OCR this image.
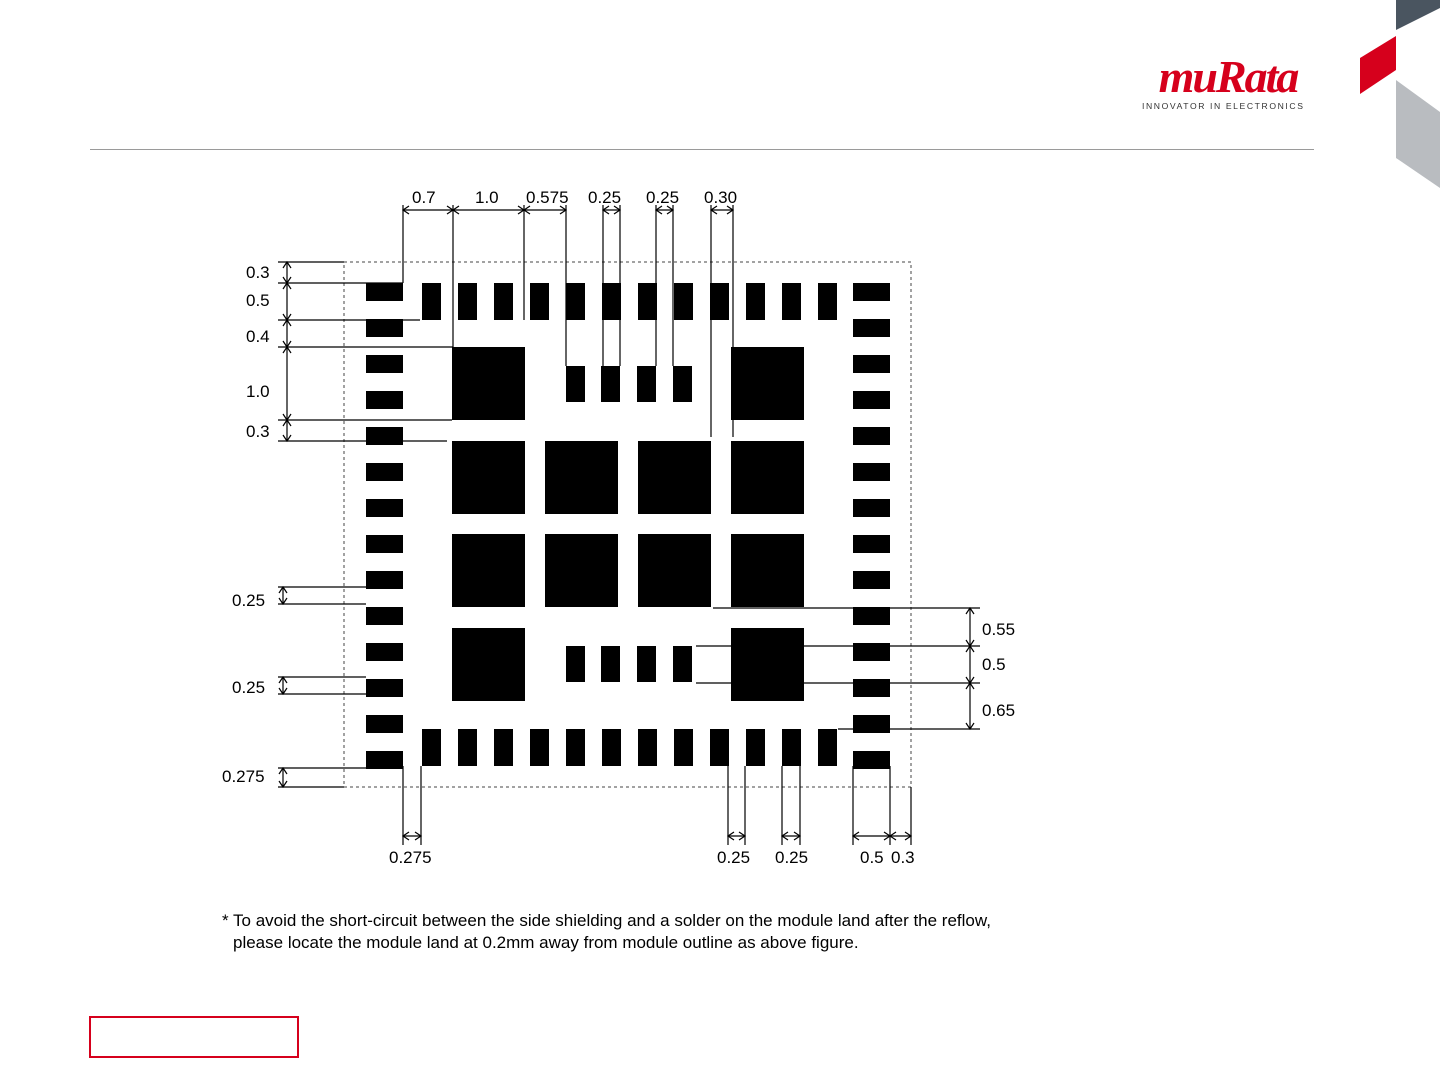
0.7 1.0 0.575 0.25 0.25 0.30
0.3
0.5
0.4
1.0
0.3
0.25
0.25
0.275
0.55
0.5
0.65
0.275	0.25 0.25	0.5 0.3
muRata
INNOVATOR IN ELECTRONICS

* To avoid the short-circuit between the side shielding and a solder on the module land after the reflow,

please locate the module land at 0.2mm away from module outline as above figure.
